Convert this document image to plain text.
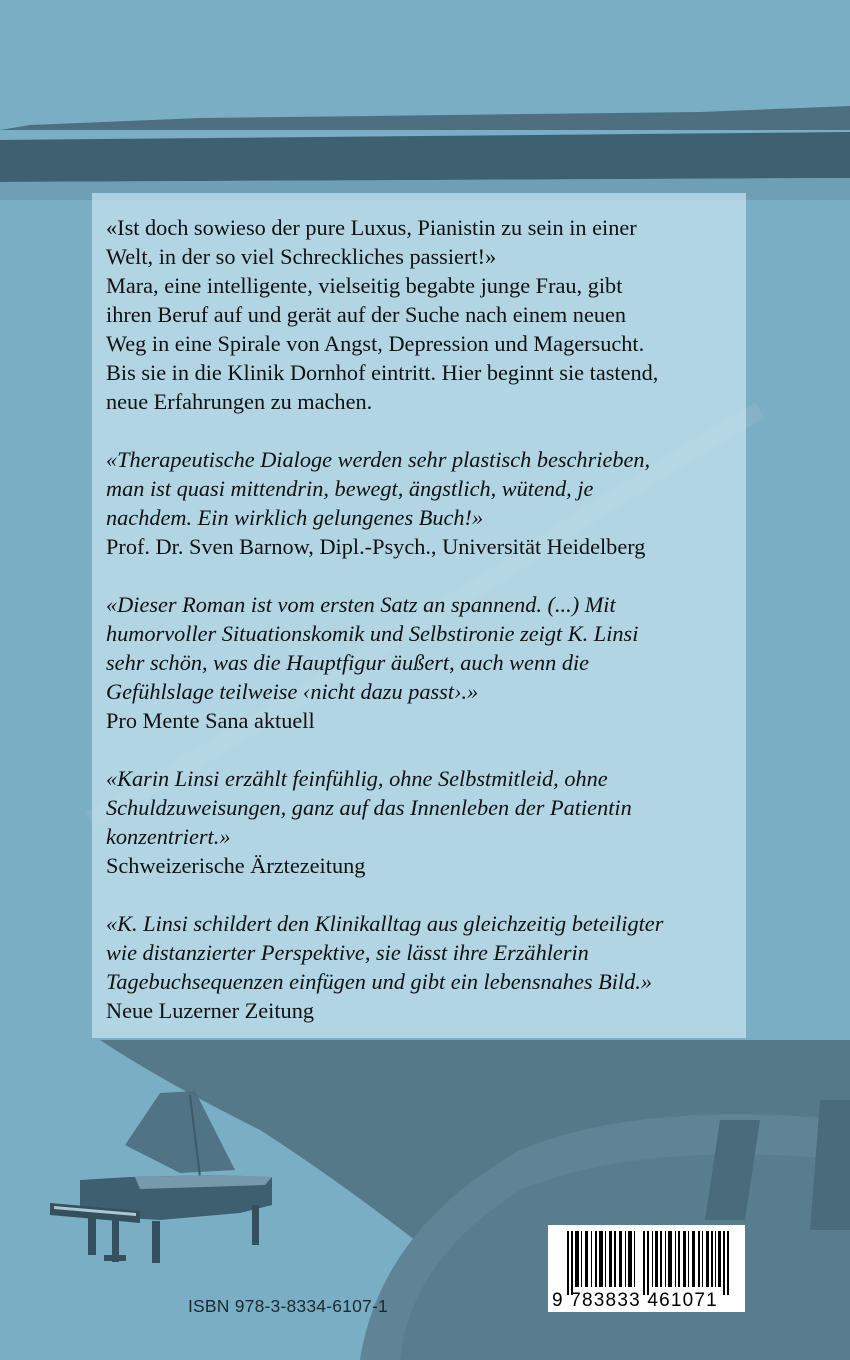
«Ist doch sowieso der pure Luxus, Pianistin zu sein in einer
Welt, in der so viel Schreckliches passiert!»
Mara, eine intelligente, vielseitig begabte junge Frau, gibt
ihren Beruf auf und gerät auf der Suche nach einem neuen
Weg in eine Spirale von Angst, Depression und Magersucht.
Bis sie in die Klinik Dornhof eintritt. Hier beginnt sie tastend,
neue Erfahrungen zu machen.
«Therapeutische Dialoge werden sehr plastisch beschrieben,
man ist quasi mittendrin, bewegt, ängstlich, wütend, je
nachdem. Ein wirklich gelungenes Buch!»
Prof. Dr. Sven Barnow, Dipl.-Psych., Universität Heidelberg
«Dieser Roman ist vom ersten Satz an spannend. (...) Mit
humorvoller Situationskomik und Selbstironie zeigt K. Linsi
sehr schön, was die Hauptfigur äußert, auch wenn die
Gefühlslage teilweise ‹nicht dazu passt›.»
Pro Mente Sana aktuell
«Karin Linsi erzählt feinfühlig, ohne Selbstmitleid, ohne
Schuldzuweisungen, ganz auf das Innenleben der Patientin
konzentriert.»
Schweizerische Ärztezeitung
«K. Linsi schildert den Klinikalltag aus gleichzeitig beteiligter
wie distanzierter Perspektive, sie lässt ihre Erzählerin
Tagebuchsequenzen einfügen und gibt ein lebensnahes Bild.»
Neue Luzerner Zeitung
ISBN 978-3-8334-6107-1	9 783833 461071
